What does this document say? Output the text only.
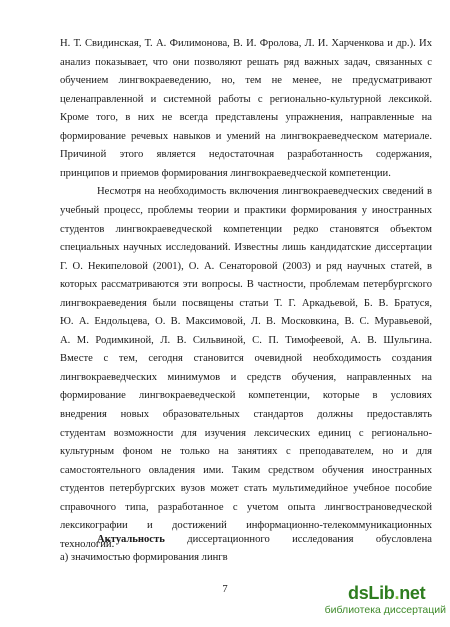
Н. Т. Свидинская, Т. А. Филимонова, В. И. Фролова, Л. И. Харченкова и др.). Их
анализ показывает, что они позволяют решать ряд важных задач, связанных с
обучением лингвокраеведению, но, тем не менее, не предусматривают
целенаправленной и системной работы с регионально-культурной лексикой.
Кроме того, в них не всегда представлены упражнения, направленные на
формирование речевых навыков и умений на лингвокраеведческом материале.
Причиной этого является недостаточная разработанность содержания,
принципов и приемов формирования лингвокраеведческой компетенции.
Несмотря на необходимость включения лингвокраеведческих сведений в
учебный процесс, проблемы теории и практики формирования у иностранных
студентов лингвокраеведческой компетенции редко становятся объектом
специальных научных исследований. Известны лишь кандидатские диссертации
Г. О. Некипеловой (2001), О. А. Сенаторовой (2003) и ряд научных статей, в
которых рассматриваются эти вопросы. В частности, проблемам петербургского
лингвокраеведения были посвящены статьи Т. Г. Аркадьевой, Б. В. Братуся,
Ю. А. Ендольцева, О. В. Максимовой, Л. В. Московкина, В. С. Муравьевой,
А. М. Родимкиной, Л. В. Сильвиной, С. П. Тимофеевой, А. В. Шульгина.
Вместе с тем, сегодня становится очевидной необходимость создания
лингвокраеведческих минимумов и средств обучения, направленных на
формирование лингвокраеведческой компетенции, которые в условиях
внедрения новых образовательных стандартов должны предоставлять
студентам возможности для изучения лексических единиц с регионально-
культурным фоном не только на занятиях с преподавателем, но и для
самостоятельного овладения ими. Таким средством обучения иностранных
студентов петербургских вузов может стать мультимедийное учебное пособие
справочного типа, разработанное с учетом опыта лингвострановедческой
лексикографии и достижений информационно-телекоммуникационных
технологий.
Актуальность диссертационного исследования обусловлена
а) значимостью формирования лингв
7	dsLib.net
библиотека диссертаций
